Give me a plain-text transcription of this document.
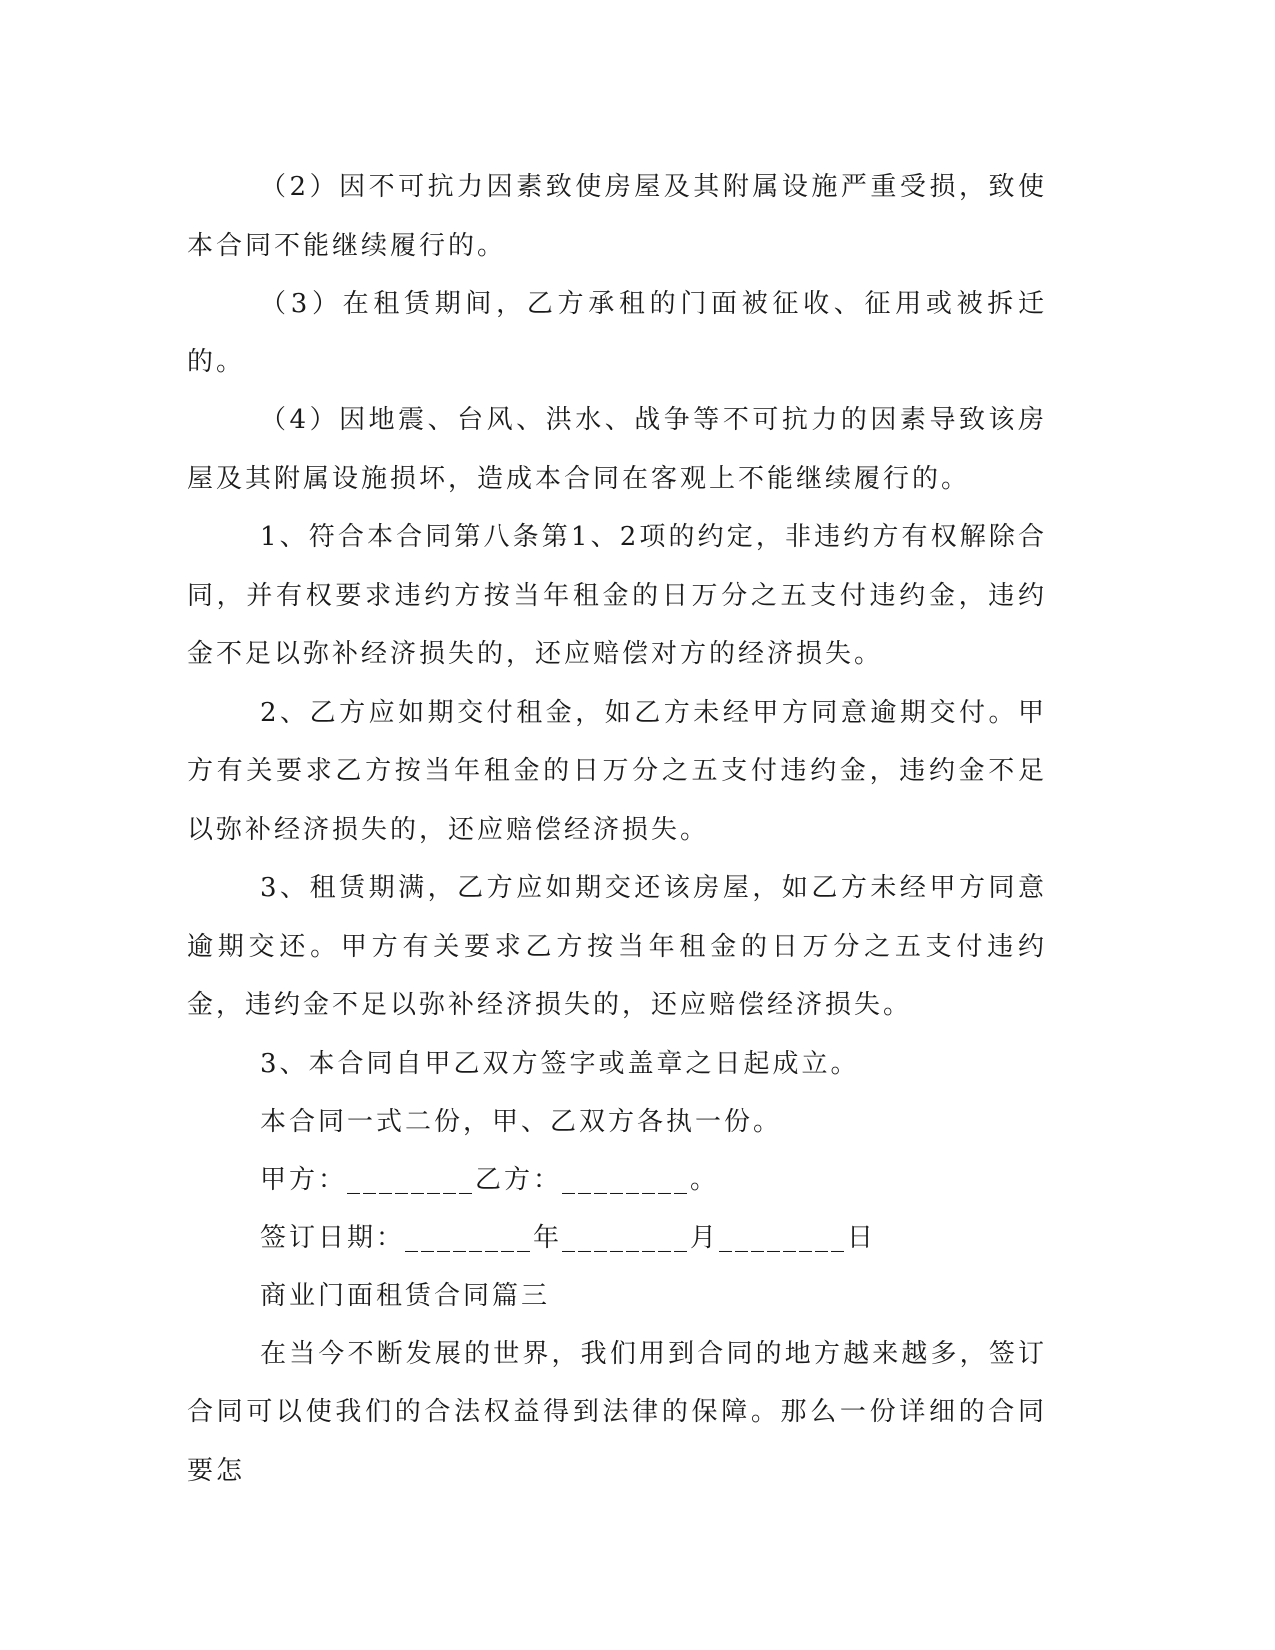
（2）因不可抗力因素致使房屋及其附属设施严重受损，致使本合同不能继续履行的。

（3）在租赁期间，乙方承租的门面被征收、征用或被拆迁的。

（4）因地震、台风、洪水、战争等不可抗力的因素导致该房屋及其附属设施损坏，造成本合同在客观上不能继续履行的。

1、符合本合同第八条第1、2项的约定，非违约方有权解除合同，并有权要求违约方按当年租金的日万分之五支付违约金，违约金不足以弥补经济损失的，还应赔偿对方的经济损失。

2、乙方应如期交付租金，如乙方未经甲方同意逾期交付。甲方有关要求乙方按当年租金的日万分之五支付违约金，违约金不足以弥补经济损失的，还应赔偿经济损失。

3、租赁期满，乙方应如期交还该房屋，如乙方未经甲方同意逾期交还。甲方有关要求乙方按当年租金的日万分之五支付违约金，违约金不足以弥补经济损失的，还应赔偿经济损失。

3、本合同自甲乙双方签字或盖章之日起成立。

本合同一式二份，甲、乙双方各执一份。

甲方：________乙方：________。

签订日期：________年________月________日

商业门面租赁合同篇三

在当今不断发展的世界，我们用到合同的地方越来越多，签订合同可以使我们的合法权益得到法律的保障。那么一份详细的合同要怎
